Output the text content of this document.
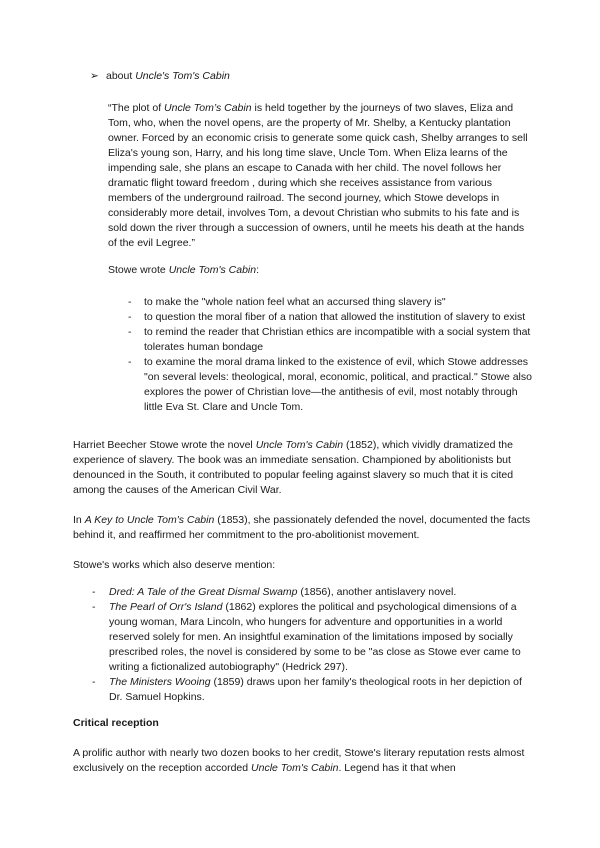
➢ about Uncle's Tom's Cabin

“The plot of Uncle Tom’s Cabin is held together by the journeys of two slaves, Eliza and Tom, who, when the novel opens, are the property of Mr. Shelby, a Kentucky plantation owner. Forced by an economic crisis to generate some quick cash, Shelby arranges to sell Eliza's young son, Harry, and his long time slave, Uncle Tom. When Eliza learns of the impending sale, she plans an escape to Canada with her child. The novel follows her dramatic flight toward freedom , during which she receives assistance from various members of the underground railroad. The second journey, which Stowe develops in considerably more detail, involves Tom, a devout Christian who submits to his fate and is sold down the river through a succession of owners, until he meets his death at the hands of the evil Legree.”

Stowe wrote Uncle Tom's Cabin:

- to make the "whole nation feel what an accursed thing slavery is"
- to question the moral fiber of a nation that allowed the institution of slavery to exist
- to remind the reader that Christian ethics are incompatible with a social system that tolerates human bondage
- to examine the moral drama linked to the existence of evil, which Stowe addresses "on several levels: theological, moral, economic, political, and practical." Stowe also explores the power of Christian love—the antithesis of evil, most notably through little Eva St. Clare and Uncle Tom.

Harriet Beecher Stowe wrote the novel Uncle Tom's Cabin (1852), which vividly dramatized the experience of slavery. The book was an immediate sensation. Championed by abolitionists but denounced in the South, it contributed to popular feeling against slavery so much that it is cited among the causes of the American Civil War.

In A Key to Uncle Tom's Cabin (1853), she passionately defended the novel, documented the facts behind it, and reaffirmed her commitment to the pro-abolitionist movement.

Stowe's works which also deserve mention:

- Dred: A Tale of the Great Dismal Swamp (1856), another antislavery novel.
- The Pearl of Orr's Island (1862) explores the political and psychological dimensions of a young woman, Mara Lincoln, who hungers for adventure and opportunities in a world reserved solely for men. An insightful examination of the limitations imposed by socially prescribed roles, the novel is considered by some to be "as close as Stowe ever came to writing a fictionalized autobiography" (Hedrick 297).
- The Ministers Wooing (1859) draws upon her family's theological roots in her depiction of Dr. Samuel Hopkins.

Critical reception

A prolific author with nearly two dozen books to her credit, Stowe's literary reputation rests almost exclusively on the reception accorded Uncle Tom's Cabin. Legend has it that when
